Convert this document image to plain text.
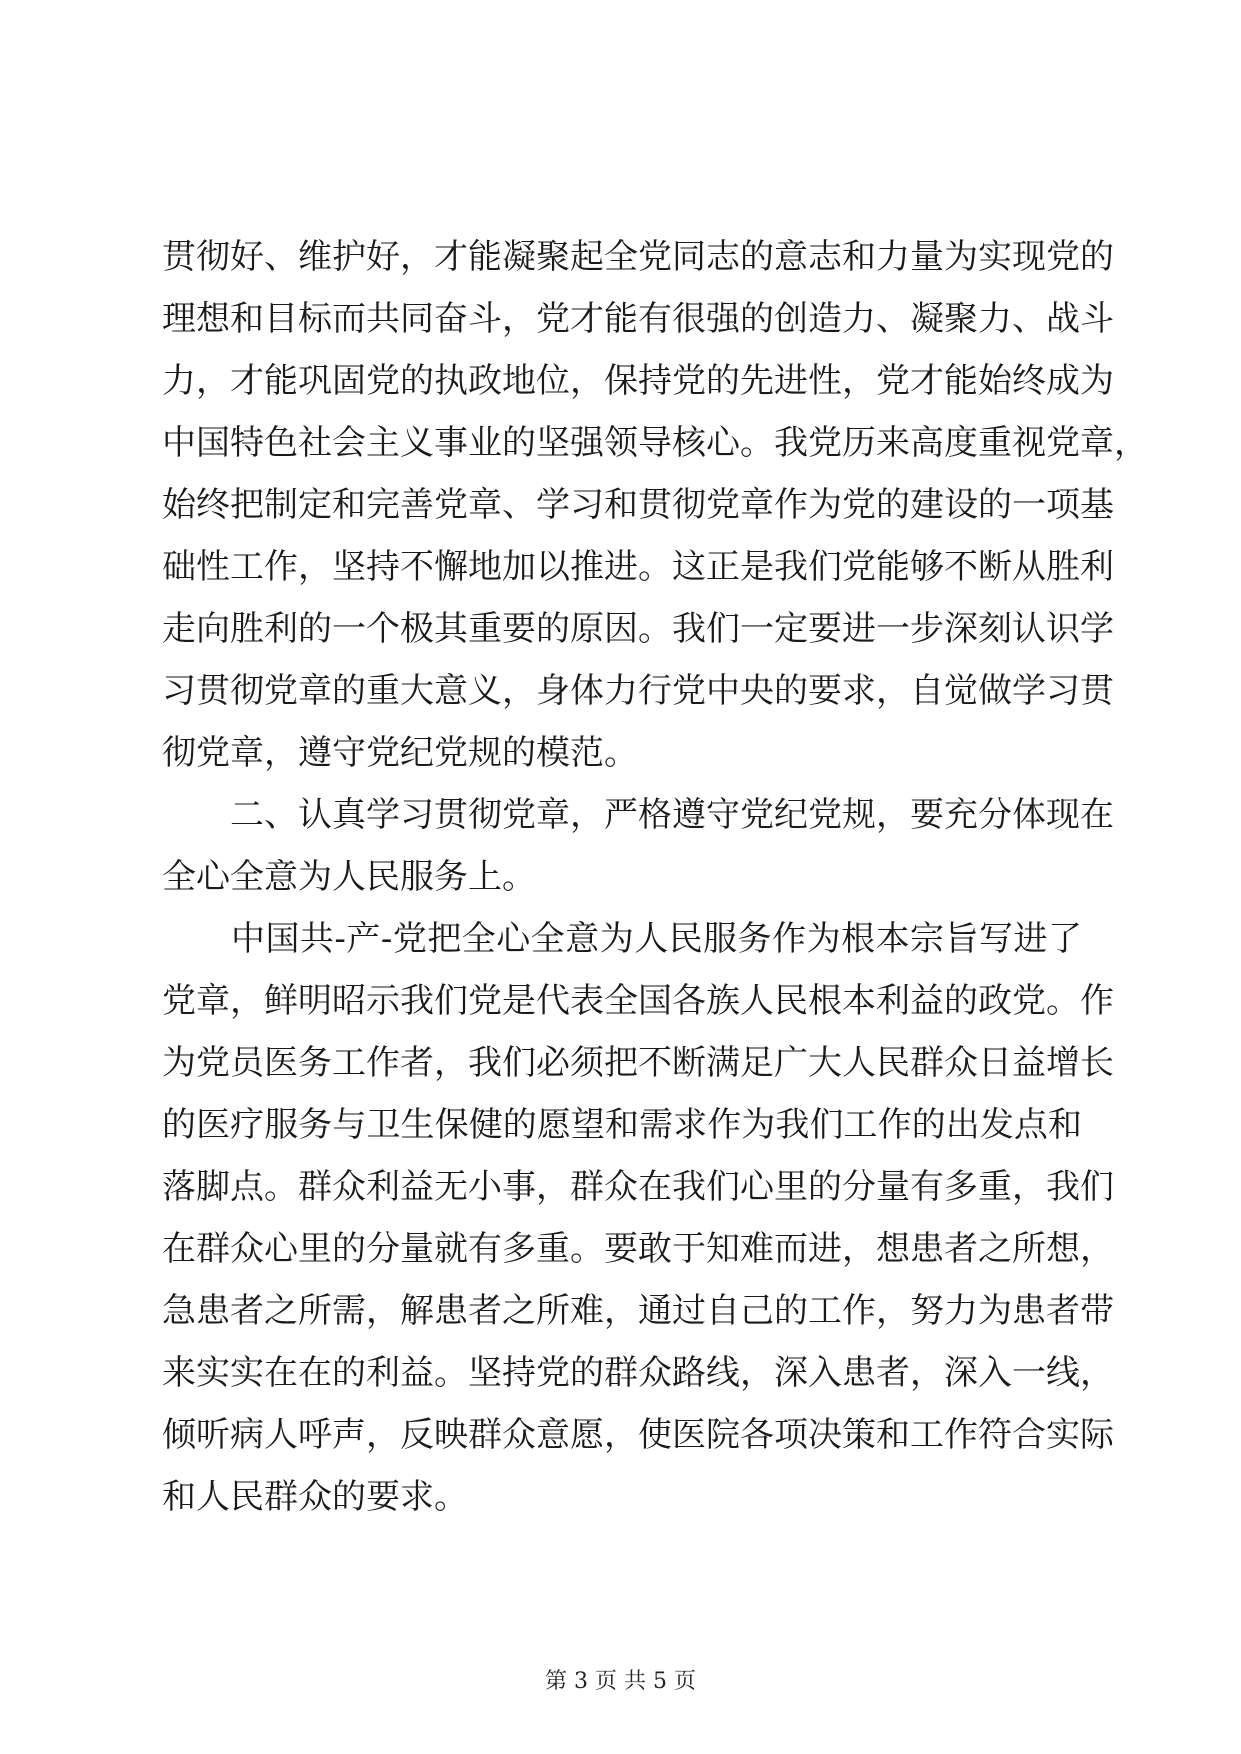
贯彻好、维护好，才能凝聚起全党同志的意志和力量为实现党的
理想和目标而共同奋斗，党才能有很强的创造力、凝聚力、战斗
力，才能巩固党的执政地位，保持党的先进性，党才能始终成为
中国特色社会主义事业的坚强领导核心。我党历来高度重视党章，
始终把制定和完善党章、学习和贯彻党章作为党的建设的一项基
础性工作，坚持不懈地加以推进。这正是我们党能够不断从胜利
走向胜利的一个极其重要的原因。我们一定要进一步深刻认识学
习贯彻党章的重大意义，身体力行党中央的要求，自觉做学习贯
彻党章，遵守党纪党规的模范。
　　二、认真学习贯彻党章，严格遵守党纪党规，要充分体现在
全心全意为人民服务上。
　　中国共-产-党把全心全意为人民服务作为根本宗旨写进了
党章，鲜明昭示我们党是代表全国各族人民根本利益的政党。作
为党员医务工作者，我们必须把不断满足广大人民群众日益增长
的医疗服务与卫生保健的愿望和需求作为我们工作的出发点和
落脚点。群众利益无小事，群众在我们心里的分量有多重，我们
在群众心里的分量就有多重。要敢于知难而进，想患者之所想，
急患者之所需，解患者之所难，通过自己的工作，努力为患者带
来实实在在的利益。坚持党的群众路线，深入患者，深入一线，
倾听病人呼声，反映群众意愿，使医院各项决策和工作符合实际
和人民群众的要求。
第 3 页 共 5 页
